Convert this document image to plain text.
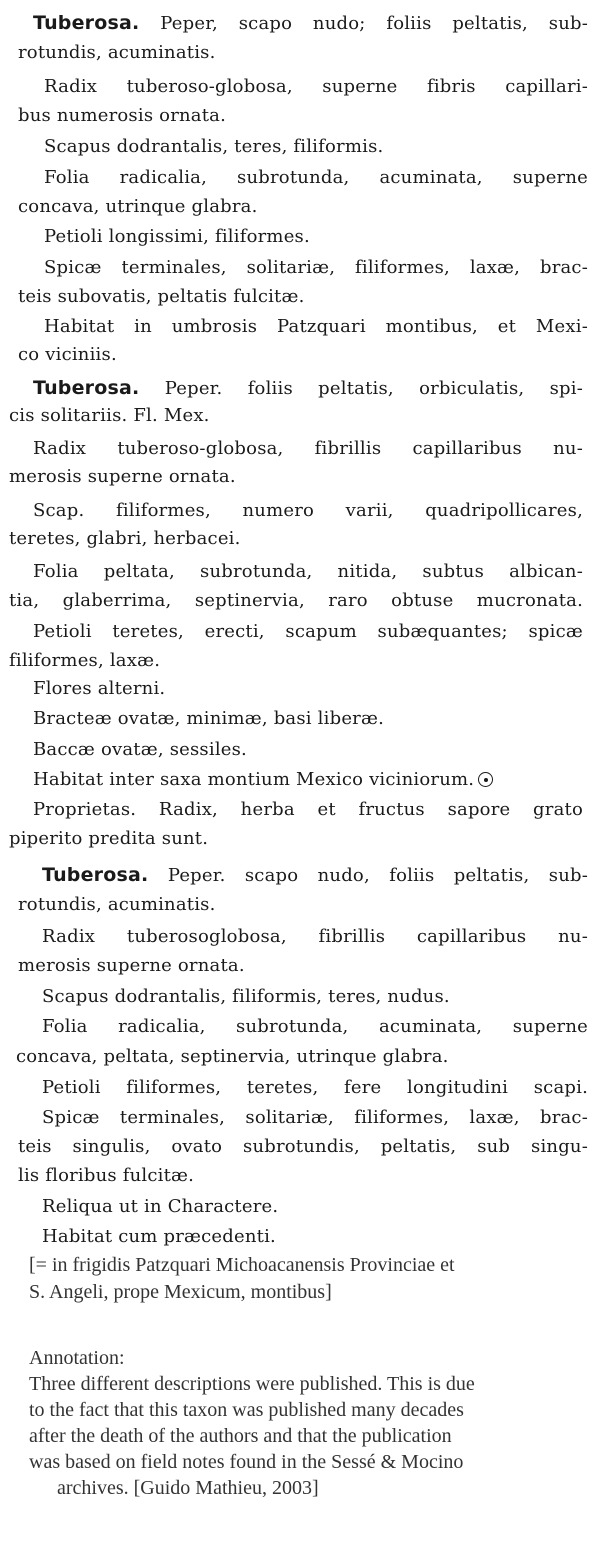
Tuberosa. Peper, scapo nudo; foliis peltatis, sub-
rotundis, acuminatis.
Radix tuberoso-globosa, superne fibris capillari-
bus numerosis ornata.
Scapus dodrantalis, teres, filiformis.
Folia radicalia, subrotunda, acuminata, superne
concava, utrinque glabra.
Petioli longissimi, filiformes.
Spicæ terminales, solitariæ, filiformes, laxæ, brac-
teis subovatis, peltatis fulcitæ.
Habitat in umbrosis Patzquari montibus, et Mexi-
co viciniis.
Tuberosa. Peper. foliis peltatis, orbiculatis, spi-
cis solitariis. Fl. Mex.
Radix tuberoso-globosa, fibrillis capillaribus nu-
merosis superne ornata.
Scap. filiformes, numero varii, quadripollicares,
teretes, glabri, herbacei.
Folia peltata, subrotunda, nitida, subtus albican-
tia, glaberrima, septinervia, raro obtuse mucronata.
Petioli teretes, erecti, scapum subæquantes; spicæ
filiformes, laxæ.
Flores alterni.
Bracteæ ovatæ, minimæ, basi liberæ.
Baccæ ovatæ, sessiles.
Habitat inter saxa montium Mexico viciniorum.
Proprietas. Radix, herba et fructus sapore grato
piperito predita sunt.
Tuberosa. Peper. scapo nudo, foliis peltatis, sub-
rotundis, acuminatis.
Radix tuberosoglobosa, fibrillis capillaribus nu-
merosis superne ornata.
Scapus dodrantalis, filiformis, teres, nudus.
Folia radicalia, subrotunda, acuminata, superne
concava, peltata, septinervia, utrinque glabra.
Petioli filiformes, teretes, fere longitudini scapi.
Spicæ terminales, solitariæ, filiformes, laxæ, brac-
teis singulis, ovato subrotundis, peltatis, sub singu-
lis floribus fulcitæ.
Reliqua ut in Charactere.
Habitat cum præcedenti.
[= in frigidis Patzquari Michoacanensis Provinciae et
S. Angeli, prope Mexicum, montibus]
Annotation:
Three different descriptions were published. This is due
to the fact that this taxon was published many decades
after the death of the authors and that the publication
was based on field notes found in the Sessé & Mocino
archives. [Guido Mathieu, 2003]
